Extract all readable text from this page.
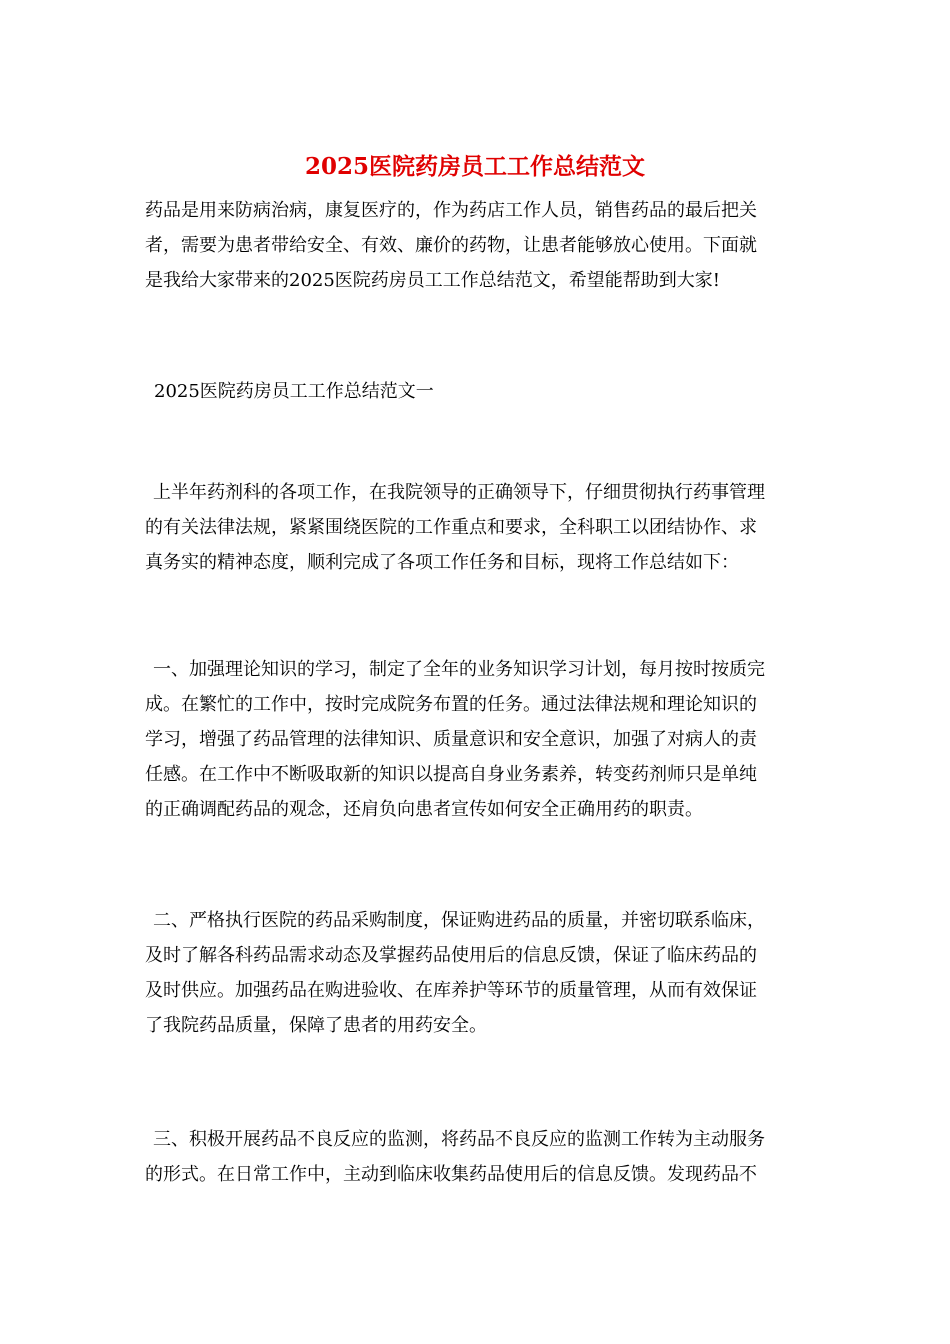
2025医院药房员工工作总结范文
药品是用来防病治病，康复医疗的，作为药店工作人员，销售药品的最后把关
者，需要为患者带给安全、有效、廉价的药物，让患者能够放心使用。下面就
是我给大家带来的2025医院药房员工工作总结范文，希望能帮助到大家!
2025医院药房员工工作总结范文一
上半年药剂科的各项工作，在我院领导的正确领导下，仔细贯彻执行药事管理
的有关法律法规，紧紧围绕医院的工作重点和要求，全科职工以团结协作、求
真务实的精神态度，顺利完成了各项工作任务和目标，现将工作总结如下：
一、加强理论知识的学习，制定了全年的业务知识学习计划，每月按时按质完
成。在繁忙的工作中，按时完成院务布置的任务。通过法律法规和理论知识的
学习，增强了药品管理的法律知识、质量意识和安全意识，加强了对病人的责
任感。在工作中不断吸取新的知识以提高自身业务素养，转变药剂师只是单纯
的正确调配药品的观念，还肩负向患者宣传如何安全正确用药的职责。
二、严格执行医院的药品采购制度，保证购进药品的质量，并密切联系临床，
及时了解各科药品需求动态及掌握药品使用后的信息反馈，保证了临床药品的
及时供应。加强药品在购进验收、在库养护等环节的质量管理，从而有效保证
了我院药品质量，保障了患者的用药安全。
三、积极开展药品不良反应的监测，将药品不良反应的监测工作转为主动服务
的形式。在日常工作中，主动到临床收集药品使用后的信息反馈。发现药品不
